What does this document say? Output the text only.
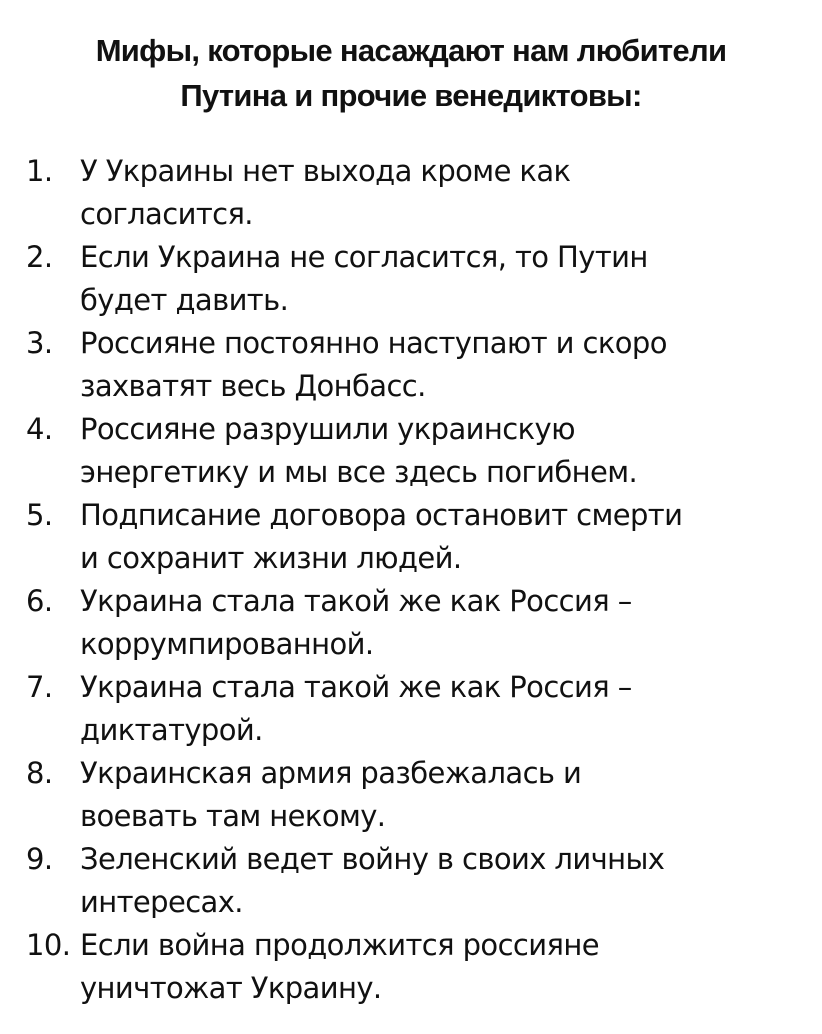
Мифы, которые насаждают нам любители
Путина и прочие венедиктовы:
1. У Украины нет выхода кроме как
согласится.
2. Если Украина не согласится, то Путин
будет давить.
3. Россияне постоянно наступают и скоро
захватят весь Донбасс.
4. Россияне разрушили украинскую
энергетику и мы все здесь погибнем.
5. Подписание договора остановит смерти
и сохранит жизни людей.
6. Украина стала такой же как Россия –
коррумпированной.
7. Украина стала такой же как Россия –
диктатурой.
8. Украинская армия разбежалась и
воевать там некому.
9. Зеленский ведет войну в своих личных
интересах.
10. Если война продолжится россияне
уничтожат Украину.
